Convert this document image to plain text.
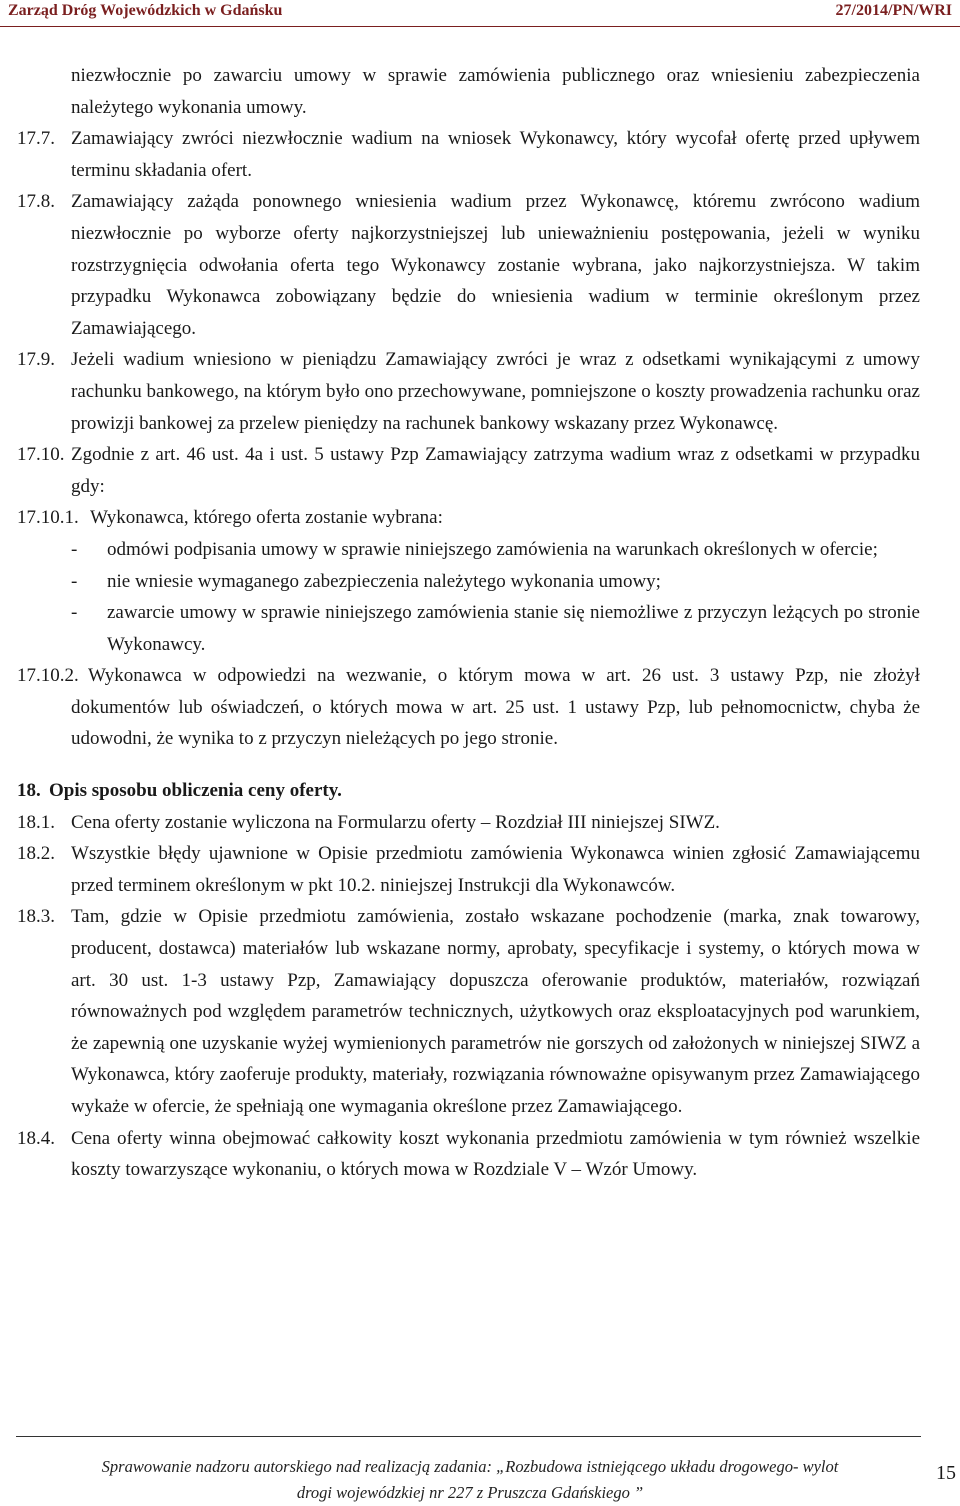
Zarząd Dróg Wojewódzkich w Gdańsku	27/2014/PN/WRI
niezwłocznie po zawarciu umowy w sprawie zamówienia publicznego oraz wniesieniu zabezpieczenia należytego wykonania umowy.
17.7. Zamawiający zwróci niezwłocznie wadium na wniosek Wykonawcy, który wycofał ofertę przed upływem terminu składania ofert.
17.8. Zamawiający zażąda ponownego wniesienia wadium przez Wykonawcę, któremu zwrócono wadium niezwłocznie po wyborze oferty najkorzystniejszej lub unieważnieniu postępowania, jeżeli w wyniku rozstrzygnięcia odwołania oferta tego Wykonawcy zostanie wybrana, jako najkorzystniejsza. W takim przypadku Wykonawca zobowiązany będzie do wniesienia wadium w terminie określonym przez Zamawiającego.
17.9. Jeżeli wadium wniesiono w pieniądzu Zamawiający zwróci je wraz z odsetkami wynikającymi z umowy rachunku bankowego, na którym było ono przechowywane, pomniejszone o koszty prowadzenia rachunku oraz prowizji bankowej za przelew pieniędzy na rachunek bankowy wskazany przez Wykonawcę.
17.10. Zgodnie z art. 46 ust. 4a i ust. 5 ustawy Pzp Zamawiający zatrzyma wadium wraz z odsetkami w przypadku gdy:
17.10.1. Wykonawca, którego oferta zostanie wybrana:
- odmówi podpisania umowy w sprawie niniejszego zamówienia na warunkach określonych w ofercie;
- nie wniesie wymaganego zabezpieczenia należytego wykonania umowy;
- zawarcie umowy w sprawie niniejszego zamówienia stanie się niemożliwe z przyczyn leżących po stronie Wykonawcy.
17.10.2. Wykonawca w odpowiedzi na wezwanie, o którym mowa w art. 26 ust. 3 ustawy Pzp, nie złożył dokumentów lub oświadczeń, o których mowa w art. 25 ust. 1 ustawy Pzp, lub pełnomocnictw, chyba że udowodni, że wynika to z przyczyn nieleżących po jego stronie.
18. Opis sposobu obliczenia ceny oferty.
18.1. Cena oferty zostanie wyliczona na Formularzu oferty – Rozdział III niniejszej SIWZ.
18.2. Wszystkie błędy ujawnione w Opisie przedmiotu zamówienia Wykonawca winien zgłosić Zamawiającemu przed terminem określonym w pkt 10.2. niniejszej Instrukcji dla Wykonawców.
18.3. Tam, gdzie w Opisie przedmiotu zamówienia, zostało wskazane pochodzenie (marka, znak towarowy, producent, dostawca) materiałów lub wskazane normy, aprobaty, specyfikacje i systemy, o których mowa w art. 30 ust. 1-3 ustawy Pzp, Zamawiający dopuszcza oferowanie produktów, materiałów, rozwiązań równoważnych pod względem parametrów technicznych, użytkowych oraz eksploatacyjnych pod warunkiem, że zapewnią one uzyskanie wyżej wymienionych parametrów nie gorszych od założonych w niniejszej SIWZ a Wykonawca, który zaoferuje produkty, materiały, rozwiązania równoważne opisywanym przez Zamawiającego wykaże w ofercie, że spełniają one wymagania określone przez Zamawiającego.
18.4. Cena oferty winna obejmować całkowity koszt wykonania przedmiotu zamówienia w tym również wszelkie koszty towarzyszące wykonaniu, o których mowa w Rozdziale V – Wzór Umowy.
Sprawowanie nadzoru autorskiego nad realizacją zadania: „Rozbudowa istniejącego układu drogowego- wylot
drogi wojewódzkiej nr 227 z Pruszcza Gdańskiego ”
15
